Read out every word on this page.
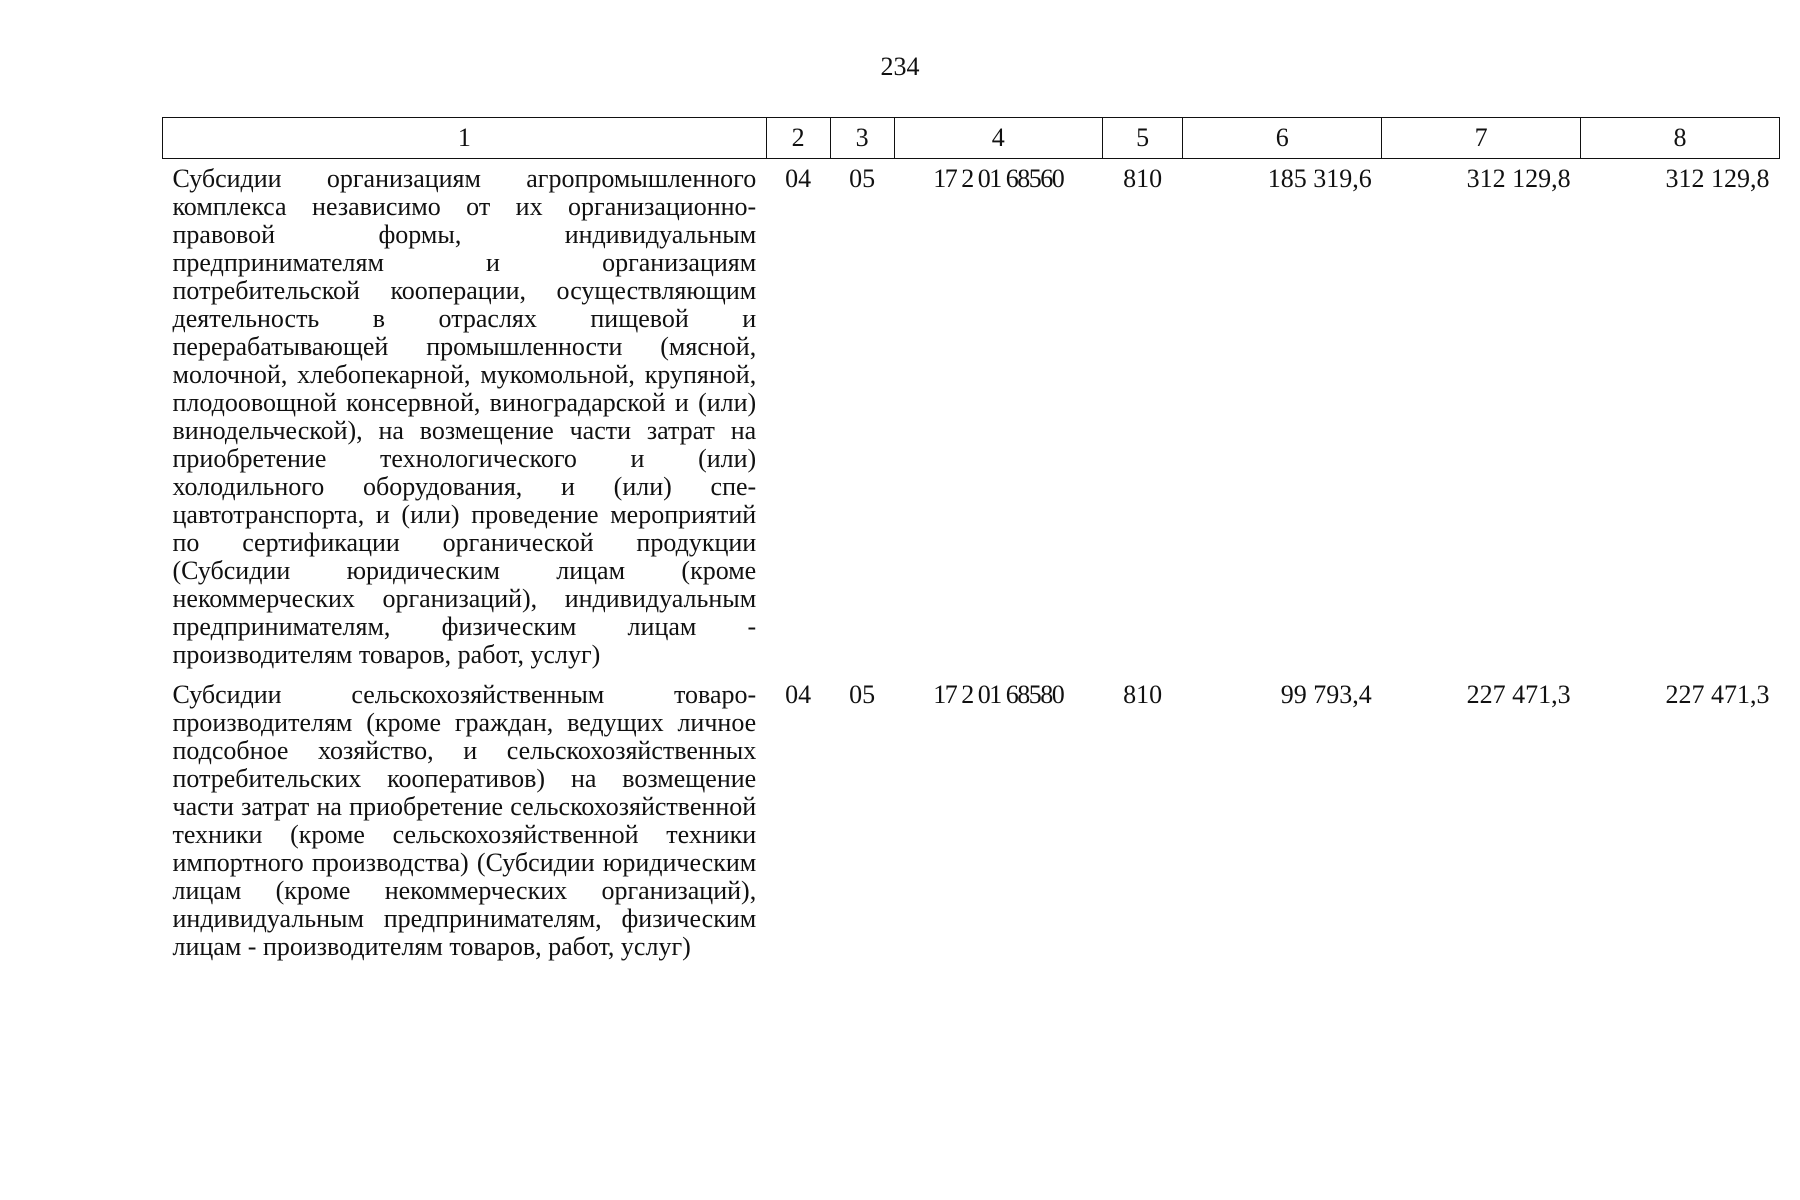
234
1	2	3	4	5	6	7	8
Субсидии организациям агропромышленного комплекса независимо от их организационно-правовой формы, индивидуальным предпринимателям и организациям потребительской кооперации, осуществляющим деятельность в отраслях пищевой и перерабатывающей промышленности (мясной, молочной, хлебопекарной, мукомольной, крупяной, плодоовощной консервной, виноградарской и (или) винодельческой), на возмещение части затрат на приобретение технологического и (или) холодильного оборудования, и (или) спецавтотранспорта, и (или) проведение мероприятий по сертификации органической продукции (Субсидии юридическим лицам (кроме некоммерческих организаций), индивидуальным предпринимателям, физическим лицам - производителям товаров, работ, услуг)	04	05	17 2 01 68560	810	185 319,6	312 129,8	312 129,8
Субсидии сельскохозяйственным товаропроизводителям (кроме граждан, ведущих личное подсобное хозяйство, и сельскохозяйственных потребительских кооперативов) на возмещение части затрат на приобретение сельскохозяйственной техники (кроме сельскохозяйственной техники импортного производства) (Субсидии юридическим лицам (кроме некоммерческих организаций), индивидуальным предпринимателям, физическим лицам - производителям товаров, работ, услуг)	04	05	17 2 01 68580	810	99 793,4	227 471,3	227 471,3
